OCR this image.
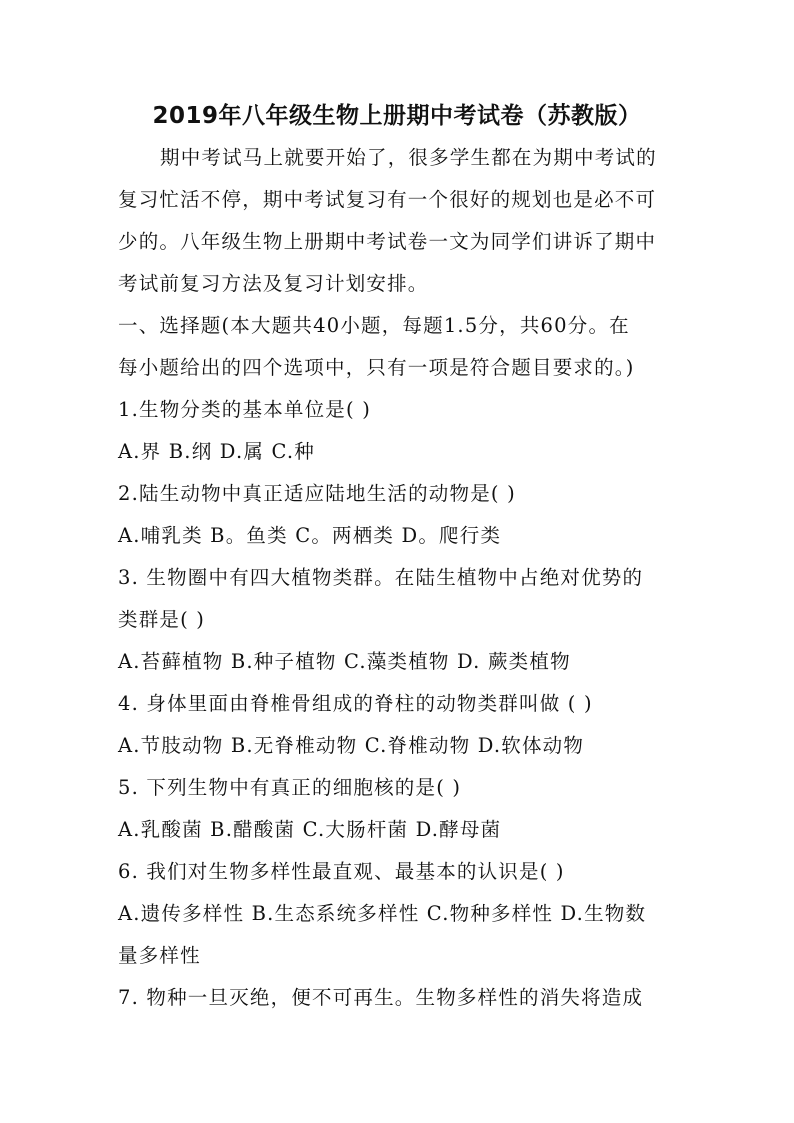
2019年八年级生物上册期中考试卷（苏教版）
期中考试马上就要开始了，很多学生都在为期中考试的
复习忙活不停，期中考试复习有一个很好的规划也是必不可
少的。八年级生物上册期中考试卷一文为同学们讲诉了期中
考试前复习方法及复习计划安排。
一、选择题(本大题共40小题，每题1.5分，共60分。在
每小题给出的四个选项中，只有一项是符合题目要求的。)
1.生物分类的基本单位是( )
A.界 B.纲 D.属 C.种
2.陆生动物中真正适应陆地生活的动物是( )
A.哺乳类 B。鱼类 C。两栖类 D。爬行类
3. 生物圈中有四大植物类群。在陆生植物中占绝对优势的
类群是( )
A.苔藓植物 B.种子植物 C.藻类植物 D. 蕨类植物
4. 身体里面由脊椎骨组成的脊柱的动物类群叫做 ( )
A.节肢动物 B.无脊椎动物 C.脊椎动物 D.软体动物
5. 下列生物中有真正的细胞核的是( )
A.乳酸菌 B.醋酸菌 C.大肠杆菌 D.酵母菌
6. 我们对生物多样性最直观、最基本的认识是( )
A.遗传多样性 B.生态系统多样性 C.物种多样性 D.生物数
量多样性
7. 物种一旦灭绝，便不可再生。生物多样性的消失将造成
